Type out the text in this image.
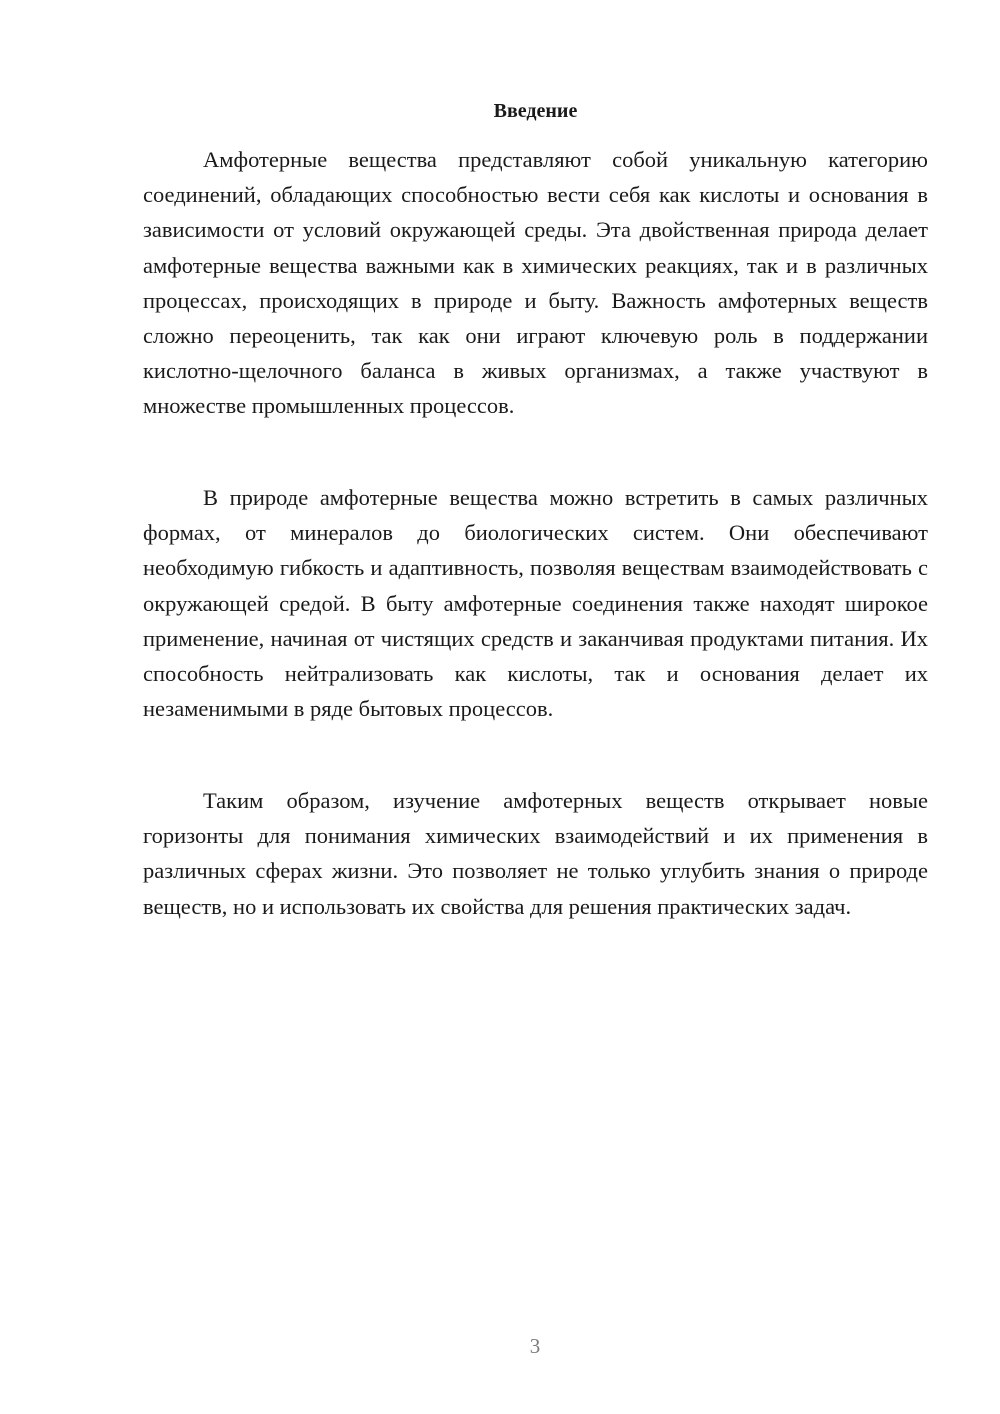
Введение

Амфотерные вещества представляют собой уникальную категорию соединений, обладающих способностью вести себя как кислоты и основания в зависимости от условий окружающей среды. Эта двойственная природа делает амфотерные вещества важными как в химических реакциях, так и в различных процессах, происходящих в природе и быту. Важность амфотерных веществ сложно переоценить, так как они играют ключевую роль в поддержании кислотно-щелочного баланса в живых организмах, а также участвуют в множестве промышленных процессов.

В природе амфотерные вещества можно встретить в самых различных формах, от минералов до биологических систем. Они обеспечивают необходимую гибкость и адаптивность, позволяя веществам взаимодействовать с окружающей средой. В быту амфотерные соединения также находят широкое применение, начиная от чистящих средств и заканчивая продуктами питания. Их способность нейтрализовать как кислоты, так и основания делает их незаменимыми в ряде бытовых процессов.

Таким образом, изучение амфотерных веществ открывает новые горизонты для понимания химических взаимодействий и их применения в различных сферах жизни. Это позволяет не только углубить знания о природе веществ, но и использовать их свойства для решения практических задач.

3
